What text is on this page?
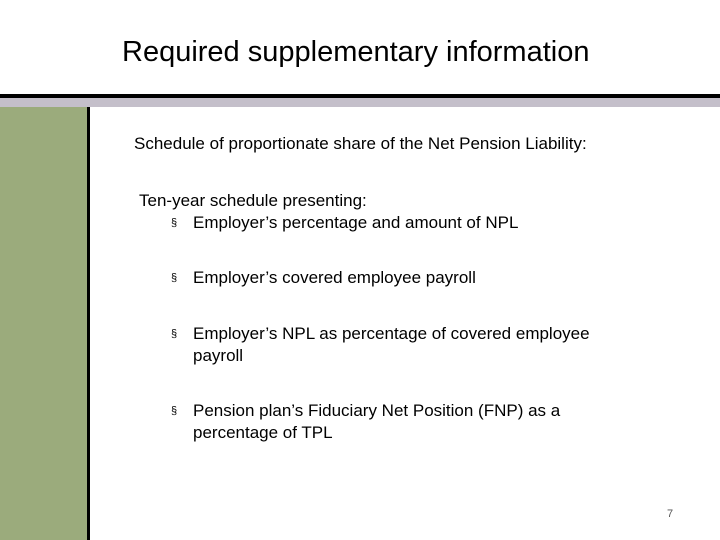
Required supplementary information
Schedule of proportionate share of the Net Pension Liability:
Ten-year schedule presenting:
§ Employer’s percentage and amount of NPL
§ Employer’s covered employee payroll
§ Employer’s NPL as percentage of covered employee payroll
§ Pension plan’s Fiduciary Net Position (FNP) as a percentage of TPL
7
